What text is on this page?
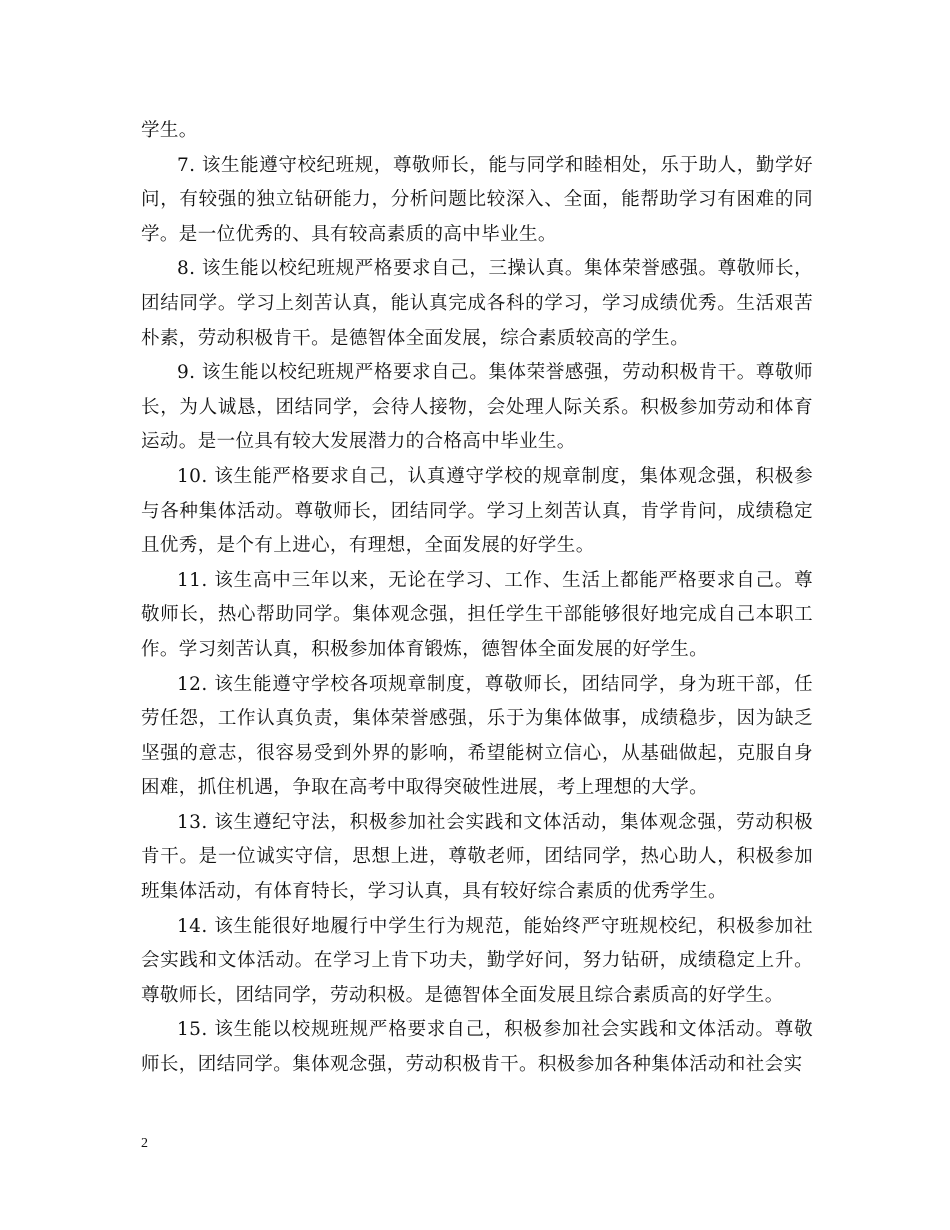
学生。

7. 该生能遵守校纪班规，尊敬师长，能与同学和睦相处，乐于助人，勤学好问，有较强的独立钻研能力，分析问题比较深入、全面，能帮助学习有困难的同学。是一位优秀的、具有较高素质的高中毕业生。

8. 该生能以校纪班规严格要求自己，三操认真。集体荣誉感强。尊敬师长，团结同学。学习上刻苦认真，能认真完成各科的学习，学习成绩优秀。生活艰苦朴素，劳动积极肯干。是德智体全面发展，综合素质较高的学生。

9. 该生能以校纪班规严格要求自己。集体荣誉感强，劳动积极肯干。尊敬师长，为人诚恳，团结同学，会待人接物，会处理人际关系。积极参加劳动和体育运动。是一位具有较大发展潜力的合格高中毕业生。

10. 该生能严格要求自己，认真遵守学校的规章制度，集体观念强，积极参与各种集体活动。尊敬师长，团结同学。学习上刻苦认真，肯学肯问，成绩稳定且优秀，是个有上进心，有理想，全面发展的好学生。

11. 该生高中三年以来，无论在学习、工作、生活上都能严格要求自己。尊敬师长，热心帮助同学。集体观念强，担任学生干部能够很好地完成自己本职工作。学习刻苦认真，积极参加体育锻炼，德智体全面发展的好学生。

12. 该生能遵守学校各项规章制度，尊敬师长，团结同学，身为班干部，任劳任怨，工作认真负责，集体荣誉感强，乐于为集体做事，成绩稳步，因为缺乏坚强的意志，很容易受到外界的影响，希望能树立信心，从基础做起，克服自身困难，抓住机遇，争取在高考中取得突破性进展，考上理想的大学。

13. 该生遵纪守法，积极参加社会实践和文体活动，集体观念强，劳动积极肯干。是一位诚实守信，思想上进，尊敬老师，团结同学，热心助人，积极参加班集体活动，有体育特长，学习认真，具有较好综合素质的优秀学生。

14. 该生能很好地履行中学生行为规范，能始终严守班规校纪，积极参加社会实践和文体活动。在学习上肯下功夫，勤学好问，努力钻研，成绩稳定上升。尊敬师长，团结同学，劳动积极。是德智体全面发展且综合素质高的好学生。

15. 该生能以校规班规严格要求自己，积极参加社会实践和文体活动。尊敬师长，团结同学。集体观念强，劳动积极肯干。积极参加各种集体活动和社会实

2
